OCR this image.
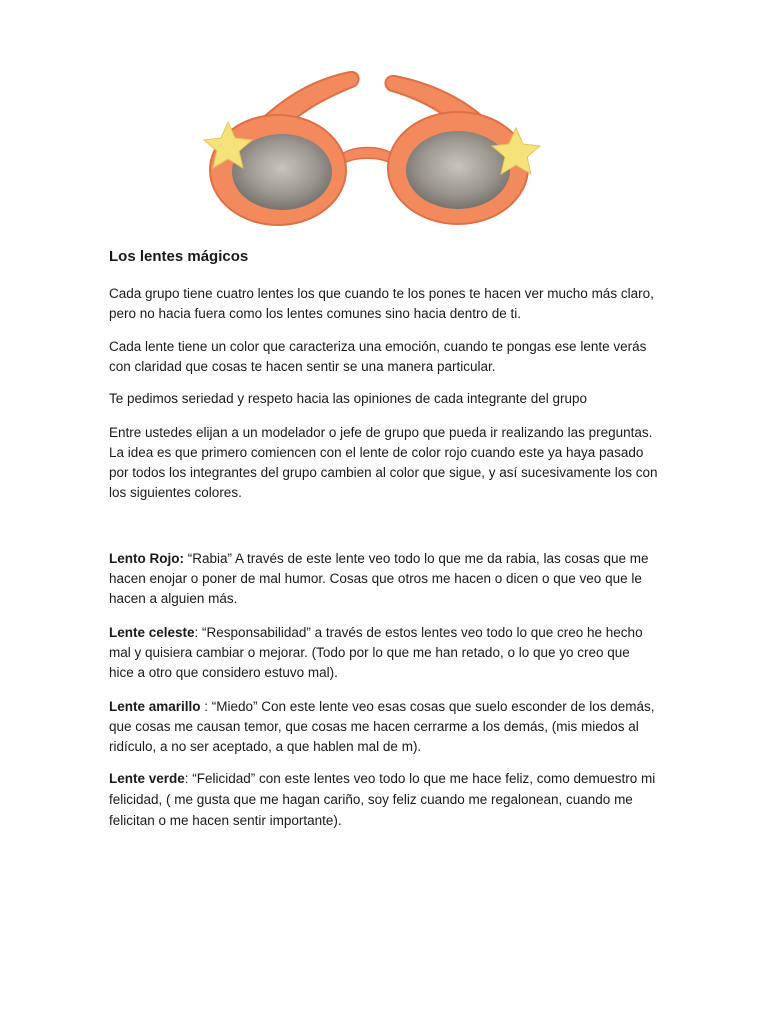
Los lentes mágicos

Cada grupo tiene cuatro lentes los que cuando te los pones te hacen ver mucho más claro, pero no hacia fuera como los lentes comunes sino hacia dentro de ti.

Cada lente tiene un color que caracteriza una emoción, cuando te pongas ese lente verás con claridad que cosas te hacen sentir se una manera particular.

Te pedimos seriedad y respeto hacia las opiniones de cada integrante del grupo

Entre ustedes elijan a un modelador o jefe de grupo que pueda ir realizando las preguntas. La idea es que primero comiencen con el lente de color rojo cuando este ya haya pasado por todos los integrantes del grupo cambien al color que sigue, y así sucesivamente los con los siguientes colores.

Lento Rojo: “Rabia” A través de este lente veo todo lo que me da rabia, las cosas que me hacen enojar o poner de mal humor. Cosas que otros me hacen o dicen o que veo que le hacen a alguien más.

Lente celeste: “Responsabilidad” a través de estos lentes veo todo lo que creo he hecho mal y quisiera cambiar o mejorar. (Todo por lo que me han retado, o lo que yo creo que hice a otro que considero estuvo mal).

Lente amarillo : “Miedo” Con este lente veo esas cosas que suelo esconder de los demás, que cosas me causan temor, que cosas me hacen cerrarme a los demás, (mis miedos al ridículo, a no ser aceptado, a que hablen mal de m).

Lente verde: “Felicidad” con este lentes veo todo lo que me hace feliz, como demuestro mi felicidad, ( me gusta que me hagan cariño, soy feliz cuando me regalonean, cuando me felicitan o me hacen sentir importante).
